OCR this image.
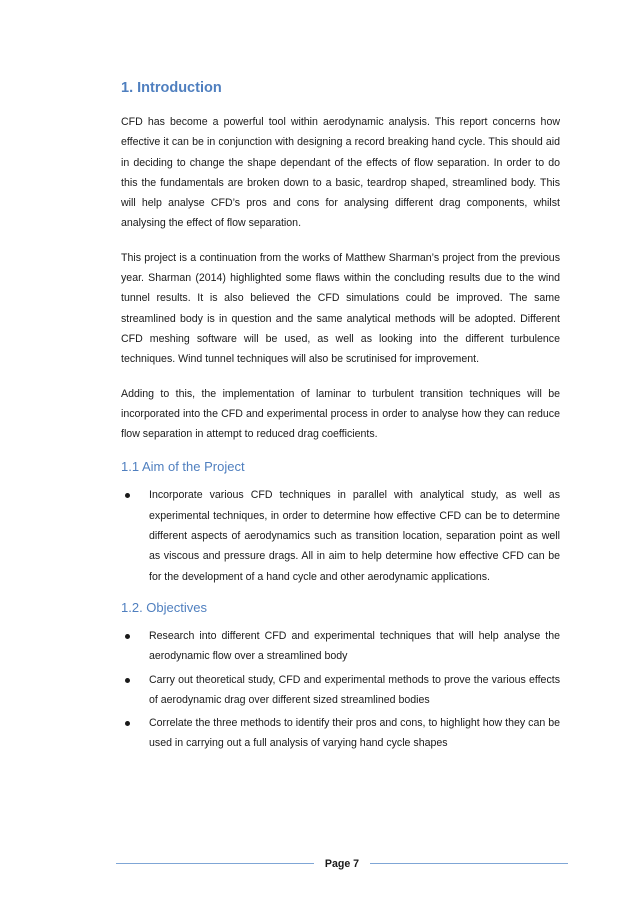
1. Introduction

CFD has become a powerful tool within aerodynamic analysis. This report concerns how effective it can be in conjunction with designing a record breaking hand cycle. This should aid in deciding to change the shape dependant of the effects of flow separation. In order to do this the fundamentals are broken down to a basic, teardrop shaped, streamlined body. This will help analyse CFD’s pros and cons for analysing different drag components, whilst analysing the effect of flow separation.

This project is a continuation from the works of Matthew Sharman’s project from the previous year. Sharman (2014) highlighted some flaws within the concluding results due to the wind tunnel results. It is also believed the CFD simulations could be improved. The same streamlined body is in question and the same analytical methods will be adopted. Different CFD meshing software will be used, as well as looking into the different turbulence techniques. Wind tunnel techniques will also be scrutinised for improvement.

Adding to this, the implementation of laminar to turbulent transition techniques will be incorporated into the CFD and experimental process in order to analyse how they can reduce flow separation in attempt to reduced drag coefficients.

1.1 Aim of the Project
Incorporate various CFD techniques in parallel with analytical study, as well as experimental techniques, in order to determine how effective CFD can be to determine different aspects of aerodynamics such as transition location, separation point as well as viscous and pressure drags. All in aim to help determine how effective CFD can be for the development of a hand cycle and other aerodynamic applications.
1.2. Objectives
Research into different CFD and experimental techniques that will help analyse the aerodynamic flow over a streamlined body
Carry out theoretical study, CFD and experimental methods to prove the various effects of aerodynamic drag over different sized streamlined bodies
Correlate the three methods to identify their pros and cons, to highlight how they can be used in carrying out a full analysis of varying hand cycle shapes
Page 7
